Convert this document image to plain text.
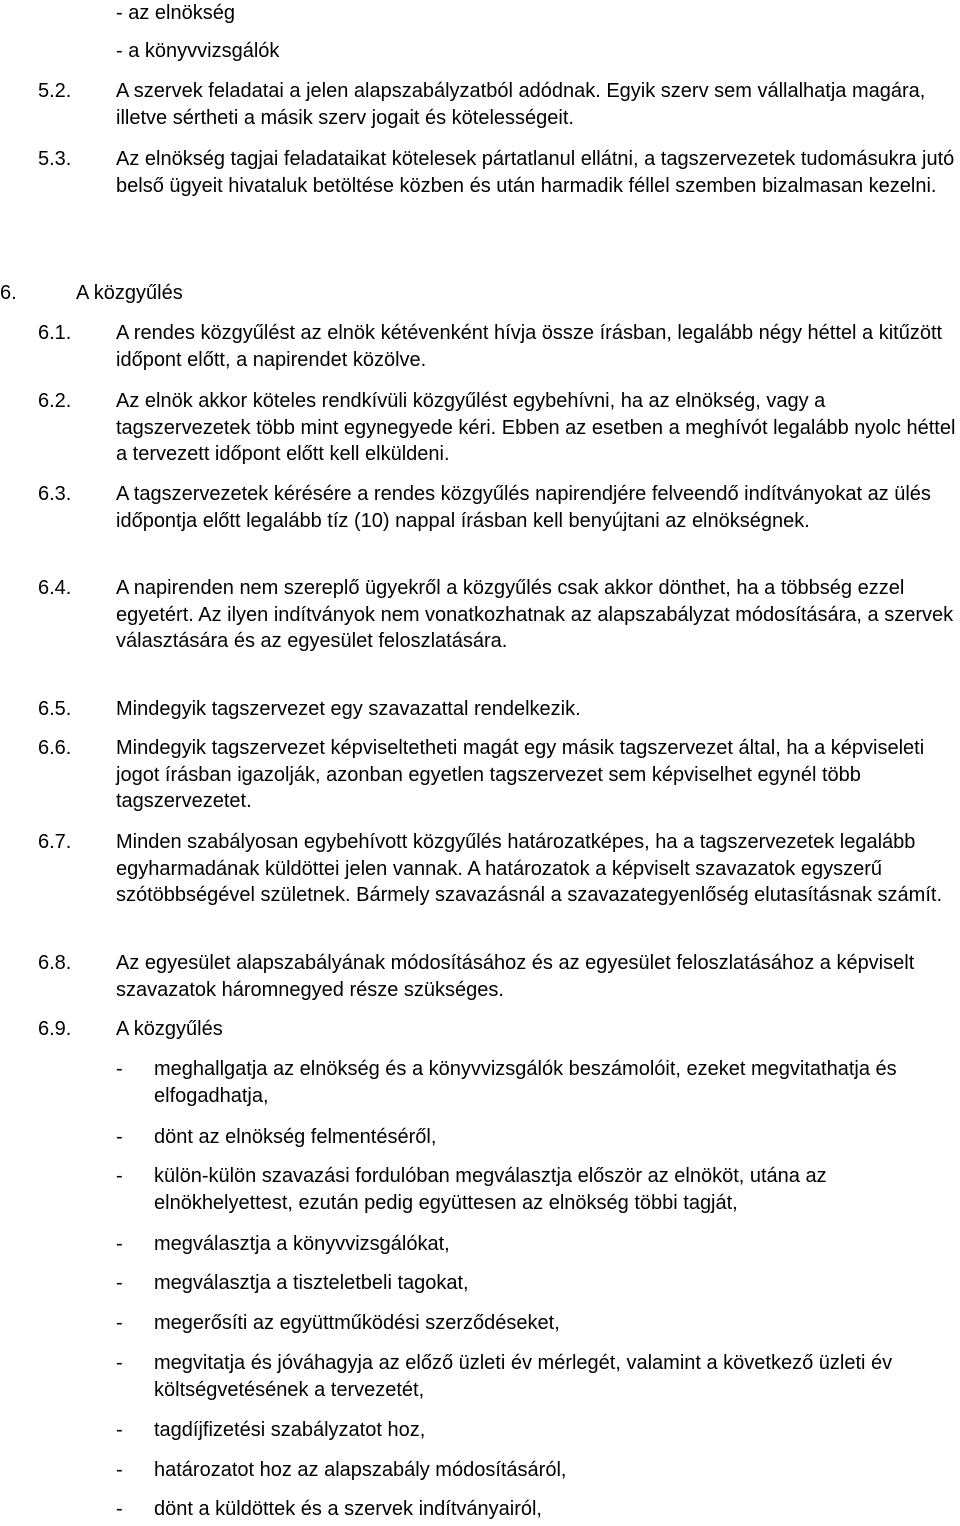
- az elnökség
- a könyvvizsgálók
5.2. A szervek feladatai a jelen alapszabályzatból adódnak. Egyik szerv sem vállalhatja magára, illetve sértheti a másik szerv jogait és kötelességeit.
5.3. Az elnökség tagjai feladataikat kötelesek pártatlanul ellátni, a tagszervezetek tudomásukra jutó belső ügyeit hivataluk betöltése közben és után harmadik féllel szemben bizalmasan kezelni.
6.	A közgyűlés
6.1. A rendes közgyűlést az elnök kétévenként hívja össze írásban, legalább négy héttel a kitűzött időpont előtt, a napirendet közölve.
6.2. Az elnök akkor köteles rendkívüli közgyűlést egybehívni, ha az elnökség, vagy a tagszervezetek több mint egynegyede kéri. Ebben az esetben a meghívót legalább nyolc héttel a tervezett időpont előtt kell elküldeni.
6.3. A tagszervezetek kérésére a rendes közgyűlés napirendjére felveendő indítványokat az ülés időpontja előtt legalább tíz (10) nappal írásban kell benyújtani az elnökségnek.
6.4. A napirenden nem szereplő ügyekről a közgyűlés csak akkor dönthet, ha a többség ezzel egyetért. Az ilyen indítványok nem vonatkozhatnak az alapszabályzat módosítására, a szervek választására és az egyesület feloszlatására.
6.5. Mindegyik tagszervezet egy szavazattal rendelkezik.
6.6. Mindegyik tagszervezet képviseltetheti magát egy másik tagszervezet által, ha a képviseleti jogot írásban igazolják, azonban egyetlen tagszervezet sem képviselhet egynél több tagszervezetet.
6.7. Minden szabályosan egybehívott közgyűlés határozatképes, ha a tagszervezetek legalább egyharmadának küldöttei jelen vannak. A határozatok a képviselt szavazatok egyszerű szótöbbségével születnek. Bármely szavazásnál a szavazategyenlőség elutasításnak számít.
6.8. Az egyesület alapszabályának módosításához és az egyesület feloszlatásához a képviselt szavazatok háromnegyed része szükséges.
6.9. A közgyűlés
- meghallgatja az elnökség és a könyvvizsgálók beszámolóit, ezeket megvitathatja és elfogadhatja,
- dönt az elnökség felmentéséről,
- külön-külön szavazási fordulóban megválasztja először az elnököt, utána az elnökhelyettest, ezután pedig együttesen az elnökség többi tagját,
- megválasztja a könyvvizsgálókat,
- megválasztja a tiszteletbeli tagokat,
- megerősíti az együttműködési szerződéseket,
- megvitatja és jóváhagyja az előző üzleti év mérlegét, valamint a következő üzleti év költségvetésének a tervezetét,
- tagdíjfizetési szabályzatot hoz,
- határozatot hoz az alapszabály módosításáról,
- dönt a küldöttek és a szervek indítványairól,
